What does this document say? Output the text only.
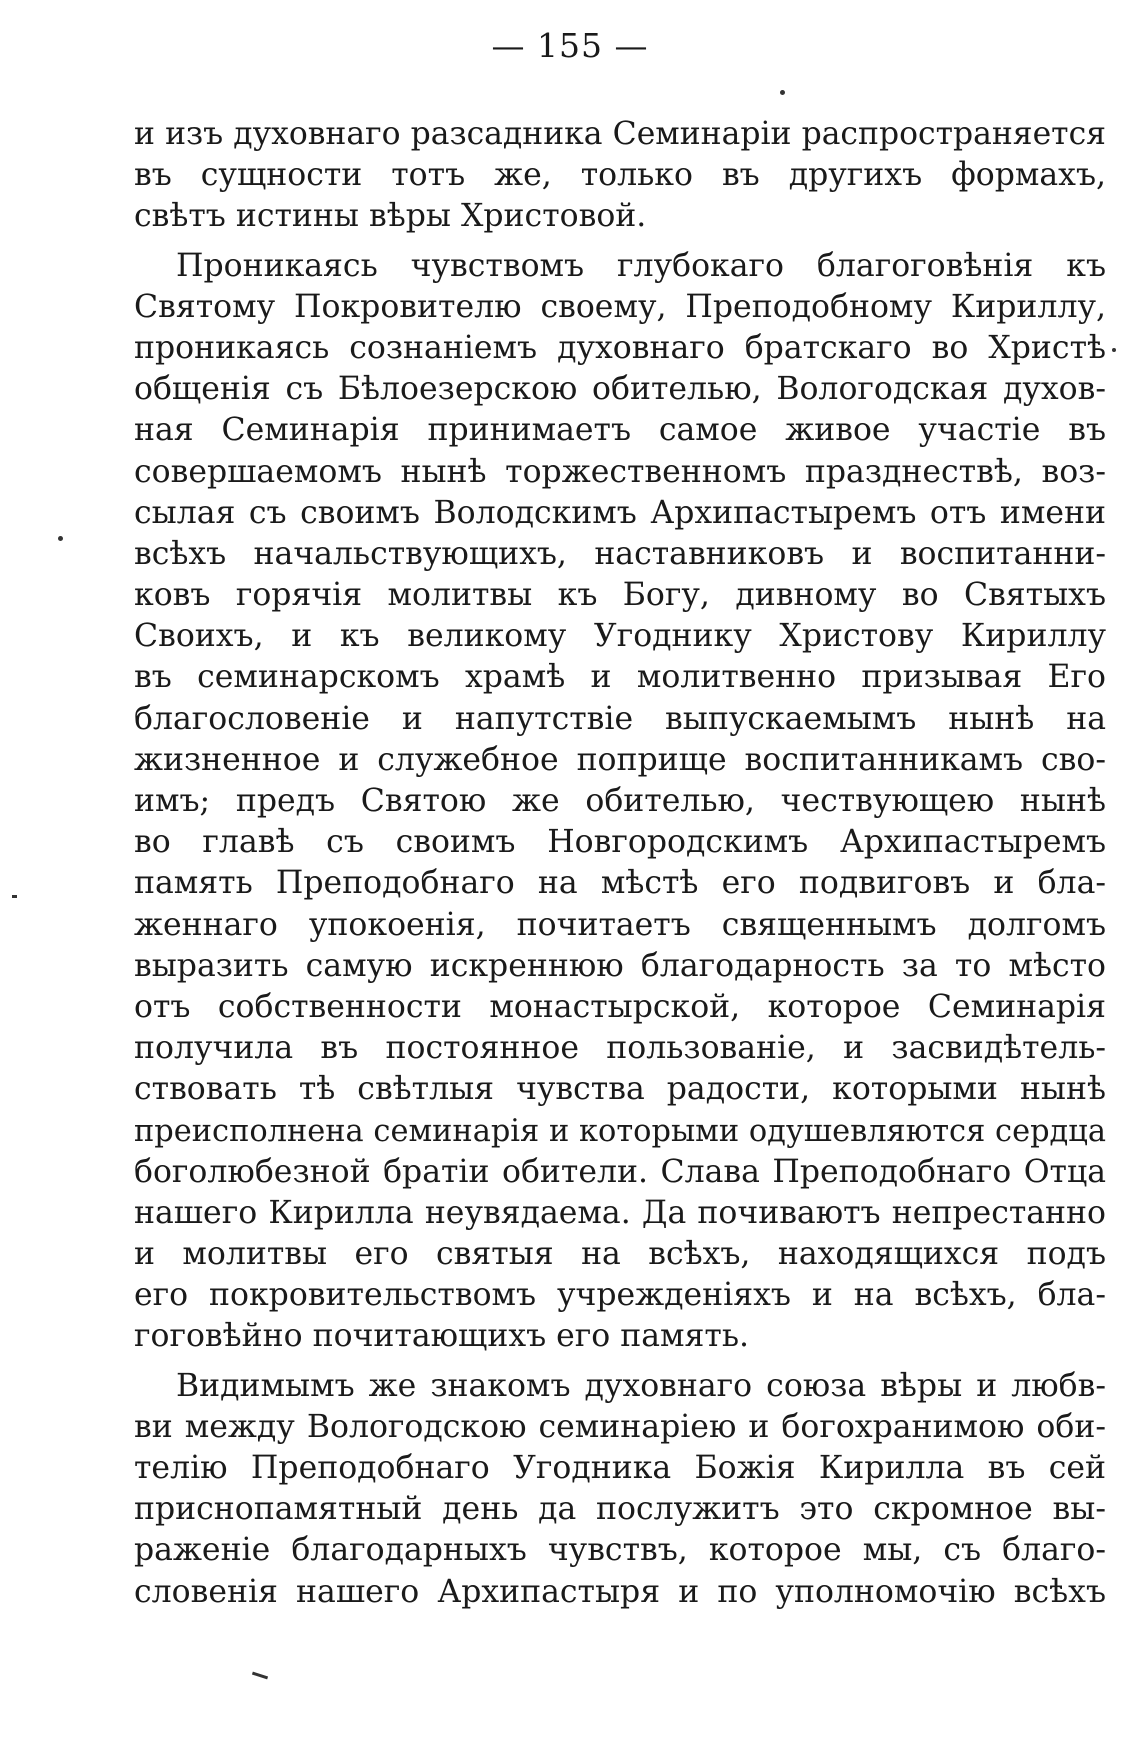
— 155 —
и изъ духовнаго разсадника Семинаріи распространяется
въ сущности тотъ же, только въ другихъ формахъ,
свѣтъ истины вѣры Христовой.
Проникаясь чувствомъ глубокаго благоговѣнія къ
Святому Покровителю своему, Преподобному Кириллу,
проникаясь сознаніемъ духовнаго братскаго во Христѣ
общенія съ Бѣлоезерскою обителью, Вологодская духов-
ная Семинарія принимаетъ самое живое участіе въ
совершаемомъ нынѣ торжественномъ празднествѣ, воз-
сылая съ своимъ Володскимъ Архипастыремъ отъ имени
всѣхъ начальствующихъ, наставниковъ и воспитанни-
ковъ горячія молитвы къ Богу, дивному во Святыхъ
Своихъ, и къ великому Угоднику Христову Кириллу
въ семинарскомъ храмѣ и молитвенно призывая Его
благословеніе и напутствіе выпускаемымъ нынѣ на
жизненное и служебное поприще воспитанникамъ сво-
имъ; предъ Святою же обителью, чествующею нынѣ
во главѣ съ своимъ Новгородскимъ Архипастыремъ
память Преподобнаго на мѣстѣ его подвиговъ и бла-
женнаго упокоенія, почитаетъ священнымъ долгомъ
выразить самую искреннюю благодарность за то мѣсто
отъ собственности монастырской, которое Семинарія
получила въ постоянное пользованіе, и засвидѣтель-
ствовать тѣ свѣтлыя чувства радости, которыми нынѣ
преисполнена семинарія и которыми одушевляются сердца
боголюбезной братіи обители. Слава Преподобнаго Отца
нашего Кирилла неувядаема. Да почиваютъ непрестанно
и молитвы его святыя на всѣхъ, находящихся подъ
его покровительствомъ учрежденіяхъ и на всѣхъ, бла-
гоговѣйно почитающихъ его память.
Видимымъ же знакомъ духовнаго союза вѣры и любв-
ви между Вологодскою семинаріею и богохранимою оби-
телію Преподобнаго Угодника Божія Кирилла въ сей
приснопамятный день да послужитъ это скромное вы-
раженіе благодарныхъ чувствъ, которое мы, съ благо-
словенія нашего Архипастыря и по уполномочію всѣхъ
